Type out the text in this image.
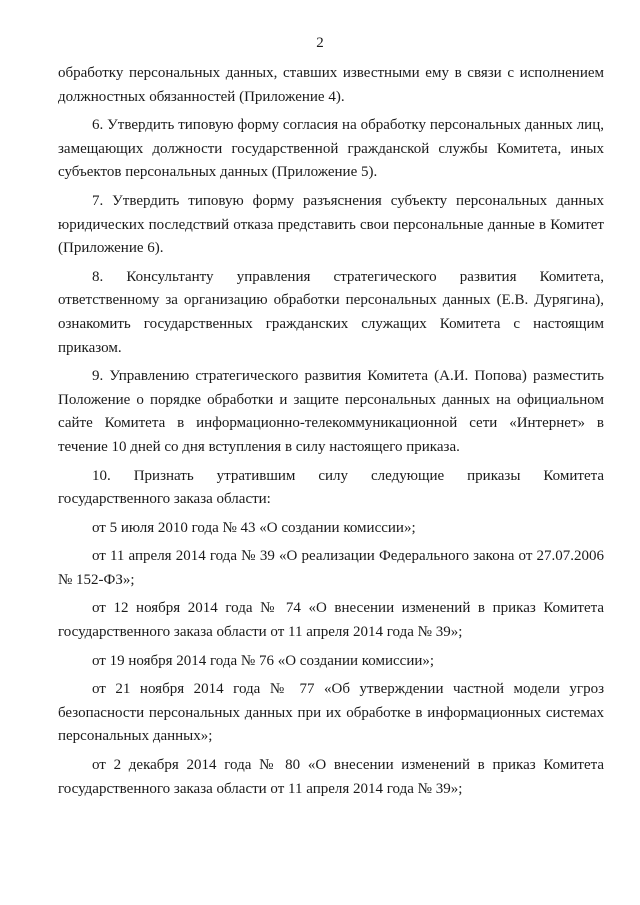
2

обработку персональных данных, ставших известными ему в связи с исполнением должностных обязанностей (Приложение 4).

6. Утвердить типовую форму согласия на обработку персональных данных лиц, замещающих должности государственной гражданской службы Комитета, иных субъектов персональных данных (Приложение 5).

7. Утвердить типовую форму разъяснения субъекту персональных данных юридических последствий отказа представить свои персональные данные в Комитет (Приложение 6).

8. Консультанту управления стратегического развития Комитета, ответственному за организацию обработки персональных данных (Е.В. Дурягина), ознакомить государственных гражданских служащих Комитета с настоящим приказом.

9. Управлению стратегического развития Комитета (А.И. Попова) разместить Положение о порядке обработки и защите персональных данных на официальном сайте Комитета в информационно-телекоммуникационной сети «Интернет» в течение 10 дней со дня вступления в силу настоящего приказа.

10. Признать утратившим силу следующие приказы Комитета государственного заказа области:

от 5 июля 2010 года № 43 «О создании комиссии»;

от 11 апреля 2014 года № 39 «О реализации Федерального закона от 27.07.2006 № 152-ФЗ»;

от 12 ноября 2014 года № 74 «О внесении изменений в приказ Комитета государственного заказа области от 11 апреля 2014 года № 39»;

от 19 ноября 2014 года № 76 «О создании комиссии»;

от 21 ноября 2014 года № 77 «Об утверждении частной модели угроз безопасности персональных данных при их обработке в информационных системах персональных данных»;

от 2 декабря 2014 года № 80 «О внесении изменений в приказ Комитета государственного заказа области от 11 апреля 2014 года № 39»;
